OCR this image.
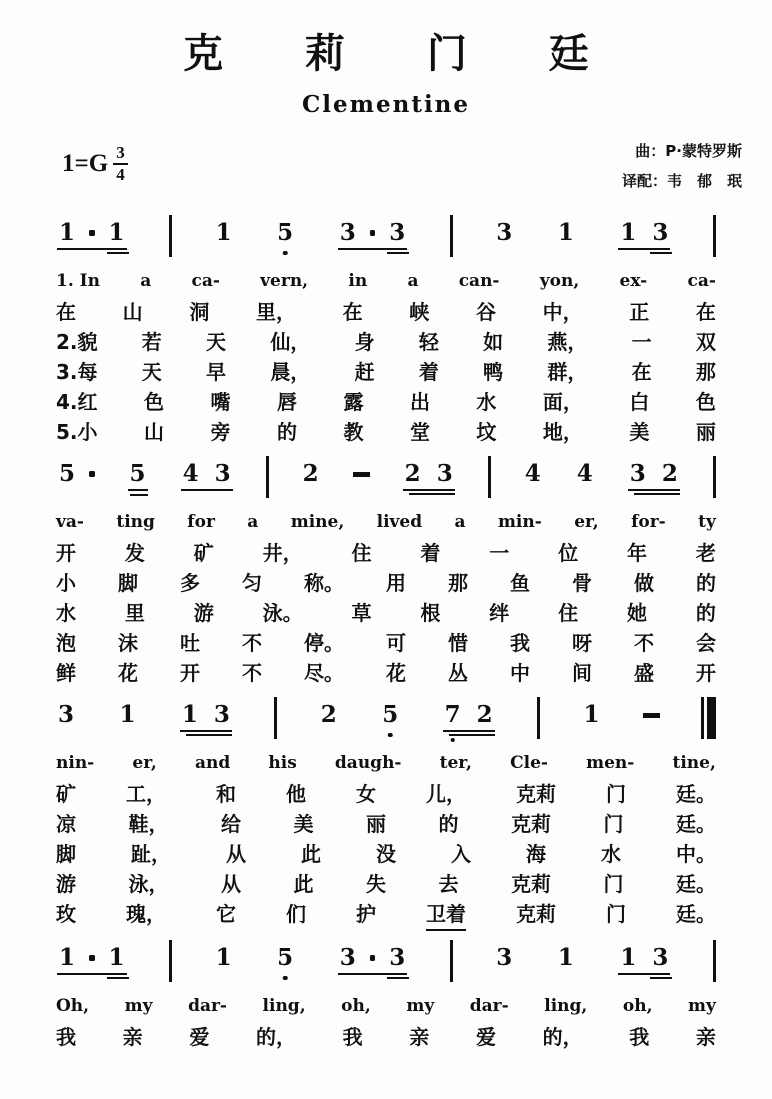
克 莉 门 廷
Clementine
$1=G \frac{3}{4}$	曲：P·蒙特罗斯
译配：韦　郁　珉
1 1	1 5 3 3	3 1 1 3
1. In a ca- vern, in a can- yon, ex- ca-
在 山 洞 里， 在 峡 谷 中， 正 在
2.貌 若 天 仙， 身 轻 如 燕， 一 双
3.每 天 早 晨， 赶 着 鸭 群， 在 那
4.红 色 嘴 唇 露 出 水 面， 白 色
5.小 山 旁 的 教 堂 坟 地， 美 丽
5 5 4 3	2	2 3	4 4 3 2
va- ting for a mine, lived a min- er, for- ty
开 发 矿 井， 住 着 一 位 年 老
小 脚 多 匀 称。 用 那 鱼 骨 做 的
水 里 游 泳。 草 根 绊 住 她 的
泡 沫 吐 不 停。 可 惜 我 呀 不 会
鲜 花 开 不 尽。 花 丛 中 间 盛 开
3 1 1 3	2 5 7 2	1
nin- er, and his daugh- ter, Cle- men- tine,
矿	工，	和	他	女	儿，	克莉	门	廷。
凉	鞋，	给	美	丽	的	克莉	门	廷。
脚	趾，	从	此	没	入	海	水	中。
游	泳，	从	此	失	去	克莉	门	廷。
玫	瑰，	它	们	护	卫着	克莉	门	廷。
1 1	1 5 3 3	3 1 1 3
Oh, my dar- ling, oh, my dar- ling, oh, my
我 亲 爱 的， 我 亲 爱 的， 我 亲
